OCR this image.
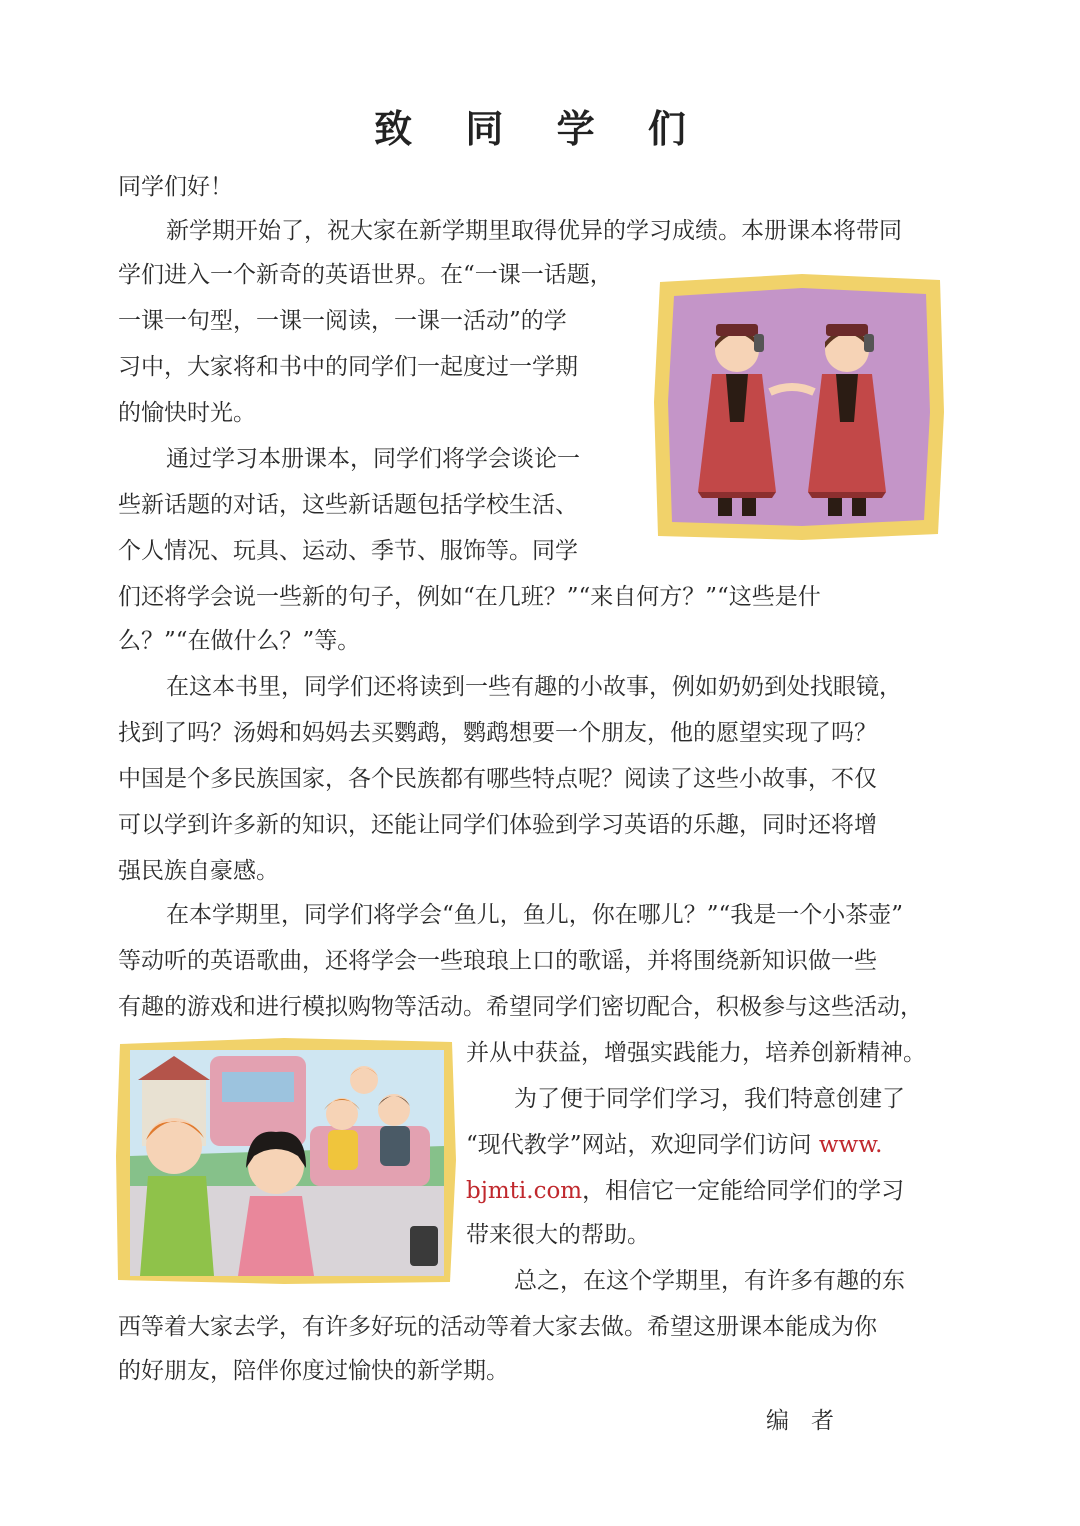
致 同 学 们
同学们好！
新学期开始了，祝大家在新学期里取得优异的学习成绩。本册课本将带同
学们进入一个新奇的英语世界。在“一课一话题，
一课一句型，一课一阅读，一课一活动”的学
习中，大家将和书中的同学们一起度过一学期
的愉快时光。
通过学习本册课本，同学们将学会谈论一
些新话题的对话，这些新话题包括学校生活、
个人情况、玩具、运动、季节、服饰等。同学
们还将学会说一些新的句子，例如“在几班？”“来自何方？”“这些是什
么？”“在做什么？”等。
在这本书里，同学们还将读到一些有趣的小故事，例如奶奶到处找眼镜，
找到了吗？汤姆和妈妈去买鹦鹉，鹦鹉想要一个朋友，他的愿望实现了吗？
中国是个多民族国家，各个民族都有哪些特点呢？阅读了这些小故事，不仅
可以学到许多新的知识，还能让同学们体验到学习英语的乐趣，同时还将增
强民族自豪感。
在本学期里，同学们将学会“鱼儿，鱼儿，你在哪儿？”“我是一个小茶壶”
等动听的英语歌曲，还将学会一些琅琅上口的歌谣，并将围绕新知识做一些
有趣的游戏和进行模拟购物等活动。希望同学们密切配合，积极参与这些活动，
并从中获益，增强实践能力，培养创新精神。
为了便于同学们学习，我们特意创建了
“现代教学”网站，欢迎同学们访问 www.
bjmti.com，相信它一定能给同学们的学习
带来很大的帮助。
总之，在这个学期里，有许多有趣的东
西等着大家去学，有许多好玩的活动等着大家去做。希望这册课本能成为你
的好朋友，陪伴你度过愉快的新学期。
编者
